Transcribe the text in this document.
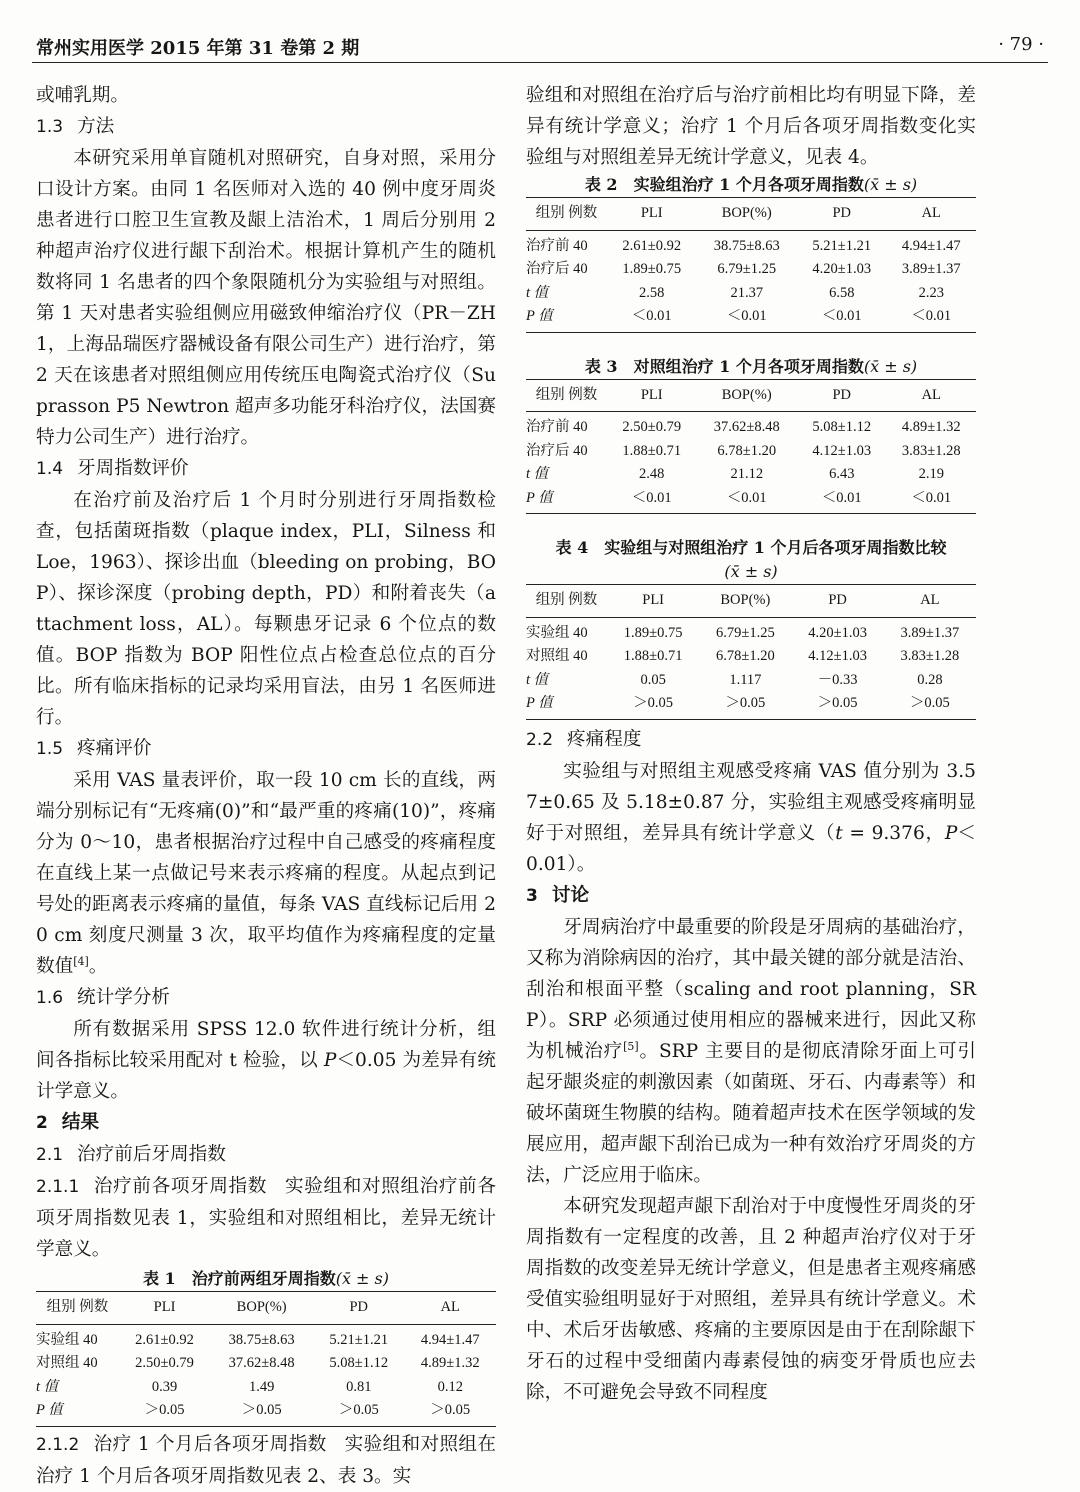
常州实用医学 2015 年第 31 卷第 2 期	· 79 ·

或哺乳期。

1.3 方法

本研究采用单盲随机对照研究，自身对照，采用分口设计方案。由同 1 名医师对入选的 40 例中度牙周炎患者进行口腔卫生宣教及龈上洁治术，1 周后分别用 2 种超声治疗仪进行龈下刮治术。根据计算机产生的随机数将同 1 名患者的四个象限随机分为实验组与对照组。第 1 天对患者实验组侧应用磁致伸缩治疗仪（PR－ZH1，上海品瑞医疗器械设备有限公司生产）进行治疗，第 2 天在该患者对照组侧应用传统压电陶瓷式治疗仪（Suprasson P5 Newtron 超声多功能牙科治疗仪，法国赛特力公司生产）进行治疗。

1.4 牙周指数评价

在治疗前及治疗后 1 个月时分别进行牙周指数检查，包括菌斑指数（plaque index，PLI，Silness 和 Loe，1963）、探诊出血（bleeding on probing，BOP）、探诊深度（probing depth，PD）和附着丧失（attachment loss，AL）。每颗患牙记录 6 个位点的数值。BOP 指数为 BOP 阳性位点占检查总位点的百分比。所有临床指标的记录均采用盲法，由另 1 名医师进行。

1.5 疼痛评价

采用 VAS 量表评价，取一段 10 cm 长的直线，两端分别标记有“无疼痛(0)”和“最严重的疼痛(10)”，疼痛分为 0～10，患者根据治疗过程中自己感受的疼痛程度在直线上某一点做记号来表示疼痛的程度。从起点到记号处的距离表示疼痛的量值，每条 VAS 直线标记后用 20 cm 刻度尺测量 3 次，取平均值作为疼痛程度的定量数值[4]。

1.6 统计学分析

所有数据采用 SPSS 12.0 软件进行统计分析，组间各指标比较采用配对 t 检验，以 P＜0.05 为差异有统计学意义。

2 结果

2.1 治疗前后牙周指数

2.1.1 治疗前各项牙周指数 实验组和对照组治疗前各项牙周指数见表 1，实验组和对照组相比，差异无统计学意义。

表 1　治疗前两组牙周指数(x̄ ± s)

组别 例数	PLI	BOP(%)	PD	AL
实验组 40	2.61±0.92	38.75±8.63	5.21±1.21	4.94±1.47
对照组 40	2.50±0.79	37.62±8.48	5.08±1.12	4.89±1.32
t 值	0.39	1.49	0.81	0.12
P 值	＞0.05	＞0.05	＞0.05	＞0.05

2.1.2 治疗 1 个月后各项牙周指数 实验组和对照组在治疗 1 个月后各项牙周指数见表 2、表 3。实

验组和对照组在治疗后与治疗前相比均有明显下降，差异有统计学意义；治疗 1 个月后各项牙周指数变化实验组与对照组差异无统计学意义，见表 4。

表 2　实验组治疗 1 个月各项牙周指数(x̄ ± s)

组别 例数	PLI	BOP(%)	PD	AL
治疗前 40	2.61±0.92	38.75±8.63	5.21±1.21	4.94±1.47
治疗后 40	1.89±0.75	6.79±1.25	4.20±1.03	3.89±1.37
t 值	2.58	21.37	6.58	2.23
P 值	＜0.01	＜0.01	＜0.01	＜0.01

表 3　对照组治疗 1 个月各项牙周指数(x̄ ± s)

组别 例数	PLI	BOP(%)	PD	AL
治疗前 40	2.50±0.79	37.62±8.48	5.08±1.12	4.89±1.32
治疗后 40	1.88±0.71	6.78±1.20	4.12±1.03	3.83±1.28
t 值	2.48	21.12	6.43	2.19
P 值	＜0.01	＜0.01	＜0.01	＜0.01

表 4　实验组与对照组治疗 1 个月后各项牙周指数比较
(x̄ ± s)

组别 例数	PLI	BOP(%)	PD	AL
实验组 40	1.89±0.75	6.79±1.25	4.20±1.03	3.89±1.37
对照组 40	1.88±0.71	6.78±1.20	4.12±1.03	3.83±1.28
t 值	0.05	1.117	－0.33	0.28
P 值	＞0.05	＞0.05	＞0.05	＞0.05

2.2 疼痛程度

实验组与对照组主观感受疼痛 VAS 值分别为 3.57±0.65 及 5.18±0.87 分，实验组主观感受疼痛明显好于对照组，差异具有统计学意义（t = 9.376，P＜0.01）。

3 讨论

牙周病治疗中最重要的阶段是牙周病的基础治疗，又称为消除病因的治疗，其中最关键的部分就是洁治、刮治和根面平整（scaling and root planning，SRP）。SRP 必须通过使用相应的器械来进行，因此又称为机械治疗[5]。SRP 主要目的是彻底清除牙面上可引起牙龈炎症的刺激因素（如菌斑、牙石、内毒素等）和破坏菌斑生物膜的结构。随着超声技术在医学领域的发展应用，超声龈下刮治已成为一种有效治疗牙周炎的方法，广泛应用于临床。

本研究发现超声龈下刮治对于中度慢性牙周炎的牙周指数有一定程度的改善，且 2 种超声治疗仪对于牙周指数的改变差异无统计学意义，但是患者主观疼痛感受值实验组明显好于对照组，差异具有统计学意义。术中、术后牙齿敏感、疼痛的主要原因是由于在刮除龈下牙石的过程中受细菌内毒素侵蚀的病变牙骨质也应去除，不可避免会导致不同程度
